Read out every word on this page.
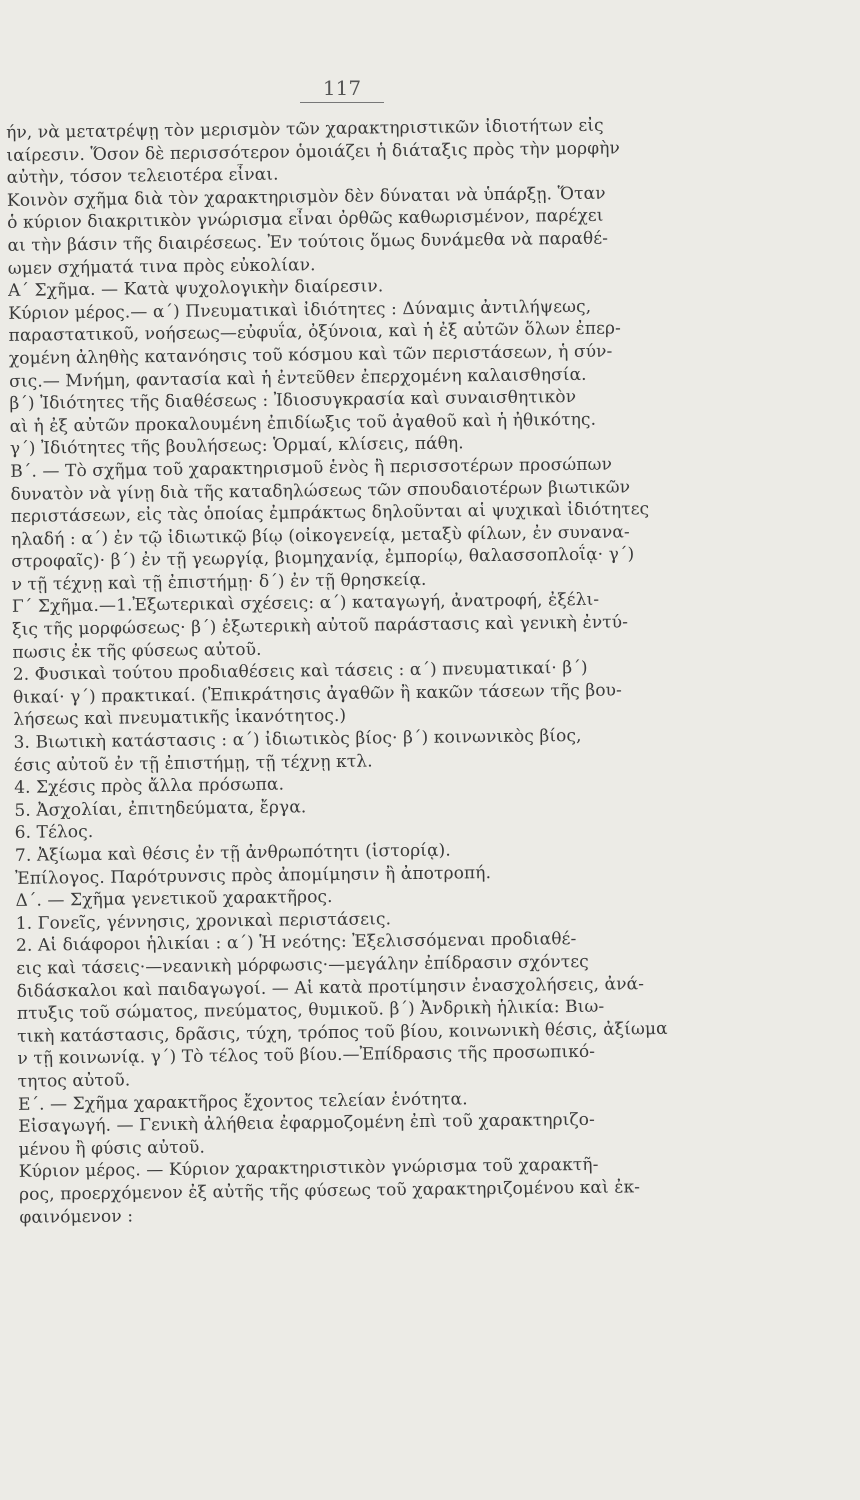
117
ήν, νὰ μετατρέψῃ τὸν μερισμὸν τῶν χαρακτηριστικῶν ἰδιοτήτων εἰς
ιαίρεσιν. Ὅσον δὲ περισσότερον ὁμοιάζει ἡ διάταξις πρὸς τὴν μορφὴν
αὐτὴν, τόσον τελειοτέρα εἶναι.
Κοινὸν σχῆμα διὰ τὸν χαρακτηρισμὸν δὲν δύναται νὰ ὑπάρξῃ. Ὅταν
ὁ κύριον διακριτικὸν γνώρισμα εἶναι ὀρθῶς καθωρισμένον, παρέχει
αι τὴν βάσιν τῆς διαιρέσεως. Ἐν τούτοις ὅμως δυνάμεθα νὰ παραθέ-
ωμεν σχήματά τινα πρὸς εὐκολίαν.
Α΄ Σχῆμα. — Κατὰ ψυχολογικὴν διαίρεσιν.
Κύριον μέρος.— α΄) Πνευματικαὶ ἰδιότητες : Δύναμις ἀντιλήψεως,
παραστατικοῦ, νοήσεως—εὐφυΐα, ὀξύνοια, καὶ ἡ ἐξ αὐτῶν ὅλων ἐπερ-
χομένη ἀληθὴς κατανόησις τοῦ κόσμου καὶ τῶν περιστάσεων, ἡ σύν-
σις.— Μνήμη, φαντασία καὶ ἡ ἐντεῦθεν ἐπερχομένη καλαισθησία.
β΄) Ἰδιότητες τῆς διαθέσεως : Ἰδιοσυγκρασία καὶ συναισθητικὸν
αὶ ἡ ἐξ αὐτῶν προκαλουμένη ἐπιδίωξις τοῦ ἀγαθοῦ καὶ ἡ ἠθικότης.
γ΄) Ἰδιότητες τῆς βουλήσεως: Ὁρμαί, κλίσεις, πάθη.
Β΄. — Τὸ σχῆμα τοῦ χαρακτηρισμοῦ ἑνὸς ἢ περισσοτέρων προσώπων
δυνατὸν νὰ γίνῃ διὰ τῆς καταδηλώσεως τῶν σπουδαιοτέρων βιωτικῶν
περιστάσεων, εἰς τὰς ὁποίας ἐμπράκτως δηλοῦνται αἱ ψυχικαὶ ἰδιότητες
ηλαδή : α΄) ἐν τῷ ἰδιωτικῷ βίῳ (οἰκογενείᾳ, μεταξὺ φίλων, ἐν συνανα-
στροφαῖς)· β΄) ἐν τῇ γεωργίᾳ, βιομηχανίᾳ, ἐμπορίῳ, θαλασσοπλοΐᾳ· γ΄)
ν τῇ τέχνῃ καὶ τῇ ἐπιστήμῃ· δ΄) ἐν τῇ θρησκείᾳ.
Γ΄ Σχῆμα.—1.Ἐξωτερικαὶ σχέσεις: α΄) καταγωγή, ἀνατροφή, ἐξέλι-
ξις τῆς μορφώσεως· β΄) ἐξωτερικὴ αὐτοῦ παράστασις καὶ γενικὴ ἐντύ-
πωσις ἐκ τῆς φύσεως αὐτοῦ.
2. Φυσικαὶ τούτου προδιαθέσεις καὶ τάσεις : α΄) πνευματικαί· β΄)
θικαί· γ΄) πρακτικαί. (Ἐπικράτησις ἀγαθῶν ἢ κακῶν τάσεων τῆς βου-
λήσεως καὶ πνευματικῆς ἱκανότητος.)
3. Βιωτικὴ κατάστασις : α΄) ἰδιωτικὸς βίος· β΄) κοινωνικὸς βίος,
έσις αὐτοῦ ἐν τῇ ἐπιστήμῃ, τῇ τέχνῃ κτλ.
4. Σχέσις πρὸς ἄλλα πρόσωπα.
5. Ἀσχολίαι, ἐπιτηδεύματα, ἔργα.
6. Τέλος.
7. Ἀξίωμα καὶ θέσις ἐν τῇ ἀνθρωπότητι (ἱστορίᾳ).
Ἐπίλογος. Παρότρυνσις πρὸς ἀπομίμησιν ἢ ἀποτροπή.
Δ΄. — Σχῆμα γενετικοῦ χαρακτῆρος.
1. Γονεῖς, γέννησις, χρονικαὶ περιστάσεις.
2. Αἱ διάφοροι ἡλικίαι : α΄) Ἡ νεότης: Ἐξελισσόμεναι προδιαθέ-
εις καὶ τάσεις·—νεανικὴ μόρφωσις·—μεγάλην ἐπίδρασιν σχόντες
διδάσκαλοι καὶ παιδαγωγοί. — Αἱ κατὰ προτίμησιν ἐνασχολήσεις, ἀνά-
πτυξις τοῦ σώματος, πνεύματος, θυμικοῦ. β΄) Ἀνδρικὴ ἡλικία: Βιω-
τικὴ κατάστασις, δρᾶσις, τύχη, τρόπος τοῦ βίου, κοινωνικὴ θέσις, ἀξίωμα
ν τῇ κοινωνίᾳ. γ΄) Τὸ τέλος τοῦ βίου.—Ἐπίδρασις τῆς προσωπικό-
τητος αὐτοῦ.
Ε΄. — Σχῆμα χαρακτῆρος ἔχοντος τελείαν ἑνότητα.
Εἰσαγωγή. — Γενικὴ ἀλήθεια ἐφαρμοζομένη ἐπὶ τοῦ χαρακτηριζο-
μένου ἢ φύσις αὐτοῦ.
Κύριον μέρος. — Κύριον χαρακτηριστικὸν γνώρισμα τοῦ χαρακτῆ-
ρος, προερχόμενον ἐξ αὐτῆς τῆς φύσεως τοῦ χαρακτηριζομένου καὶ ἐκ-
φαινόμενον :
